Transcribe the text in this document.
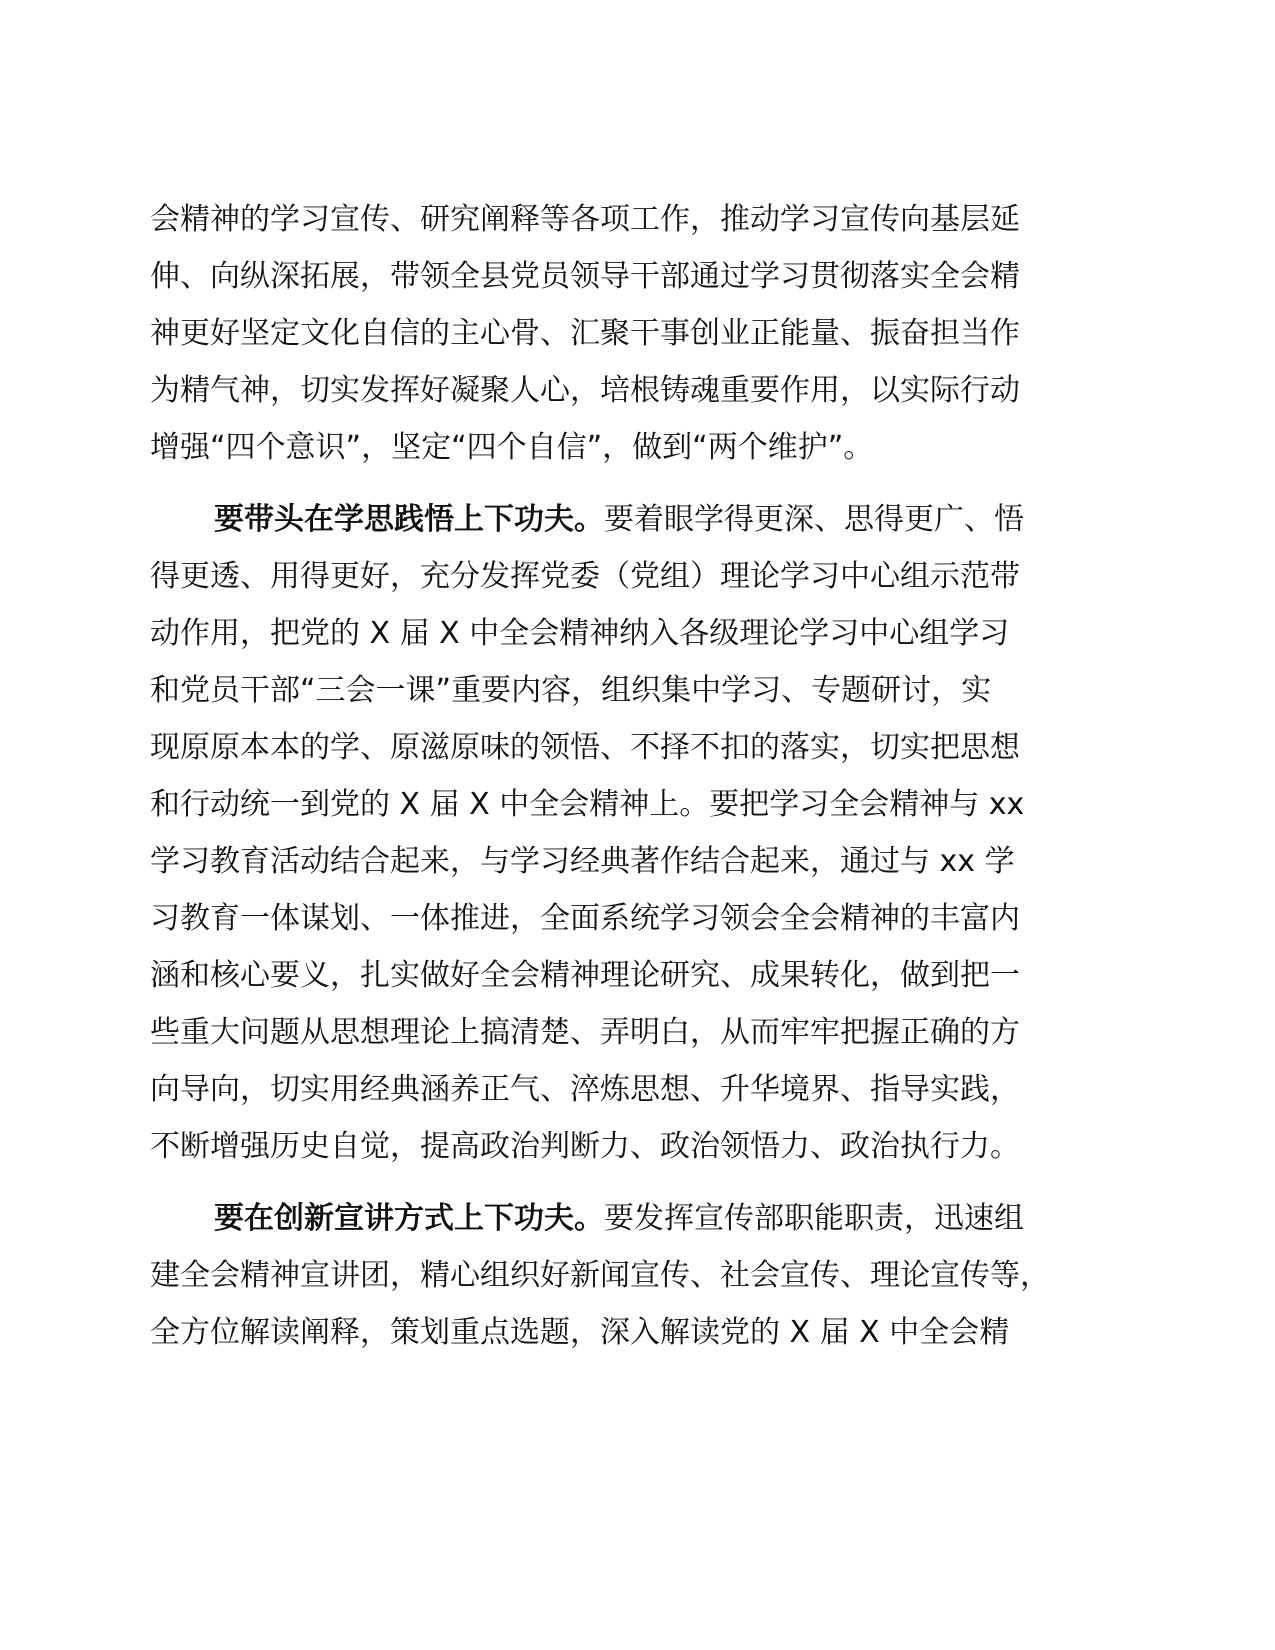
会精神的学习宣传、研究阐释等各项工作，推动学习宣传向基层延
伸、向纵深拓展，带领全县党员领导干部通过学习贯彻落实全会精
神更好坚定文化自信的主心骨、汇聚干事创业正能量、振奋担当作
为精气神，切实发挥好凝聚人心，培根铸魂重要作用，以实际行动
增强“四个意识”，坚定“四个自信”，做到“两个维护”。
要带头在学思践悟上下功夫。要着眼学得更深、思得更广、悟
得更透、用得更好，充分发挥党委（党组）理论学习中心组示范带
动作用，把党的 X 届 X 中全会精神纳入各级理论学习中心组学习
和党员干部“三会一课”重要内容，组织集中学习、专题研讨，实
现原原本本的学、原滋原味的领悟、不择不扣的落实，切实把思想
和行动统一到党的 X 届 X 中全会精神上。要把学习全会精神与 xx
学习教育活动结合起来，与学习经典著作结合起来，通过与 xx 学
习教育一体谋划、一体推进，全面系统学习领会全会精神的丰富内
涵和核心要义，扎实做好全会精神理论研究、成果转化，做到把一
些重大问题从思想理论上搞清楚、弄明白，从而牢牢把握正确的方
向导向，切实用经典涵养正气、淬炼思想、升华境界、指导实践，
不断增强历史自觉，提高政治判断力、政治领悟力、政治执行力。
要在创新宣讲方式上下功夫。要发挥宣传部职能职责，迅速组
建全会精神宣讲团，精心组织好新闻宣传、社会宣传、理论宣传等，
全方位解读阐释，策划重点选题，深入解读党的 X 届 X 中全会精
